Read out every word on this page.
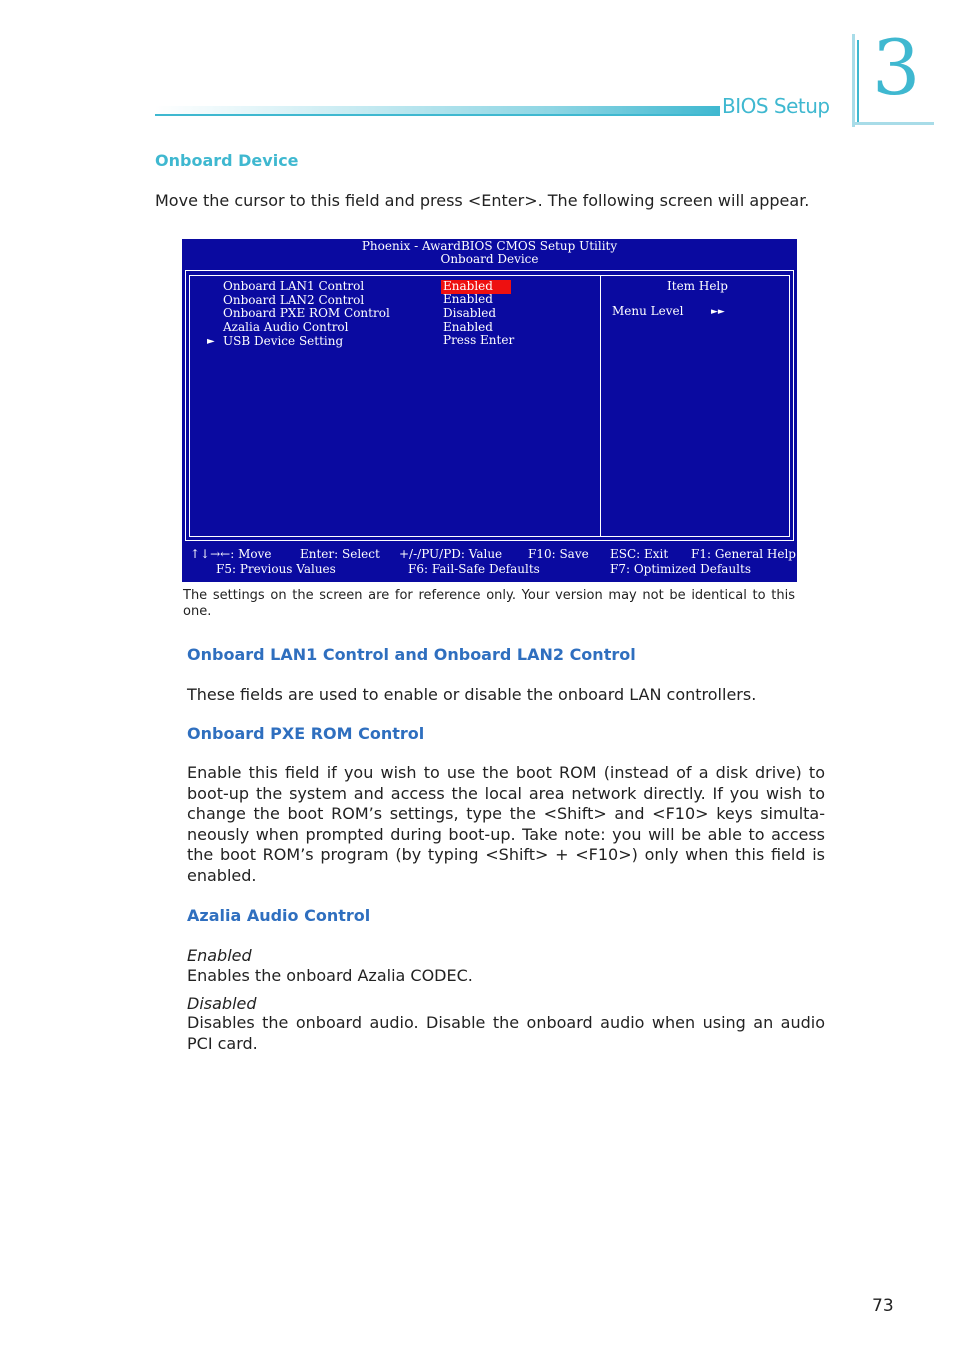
BIOS Setup 3
Onboard Device
Move the cursor to this field and press <Enter>. The following screen will appear.
Phoenix - AwardBIOS CMOS Setup Utility
Onboard Device
Onboard LAN1 Control	Enabled
Onboard LAN2 Control	Enabled
Onboard PXE ROM Control	Disabled
Azalia Audio Control	Enabled
► USB Device Setting	Press Enter
Item Help
Menu Level	►►
↑↓→←: Move Enter: Select +/-/PU/PD: Value F10: Save ESC: Exit F1: General Help
F5: Previous Values	F6: Fail-Safe Defaults	F7: Optimized Defaults
The settings on the screen are for reference only. Your version may not be identical to this one.
Onboard LAN1 Control and Onboard LAN2 Control
These fields are used to enable or disable the onboard LAN controllers.
Onboard PXE ROM Control
Enable this field if you wish to use the boot ROM (instead of a disk drive) to boot-up the system and access the local area network directly. If you wish to change the boot ROM’s settings, type the <Shift> and <F10> keys simulta-neously when prompted during boot-up. Take note: you will be able to access the boot ROM’s program (by typing <Shift> + <F10>) only when this field is enabled.
Azalia Audio Control
Enabled
Enables the onboard Azalia CODEC.
Disabled
Disables the onboard audio. Disable the onboard audio when using an audio PCI card.
73
